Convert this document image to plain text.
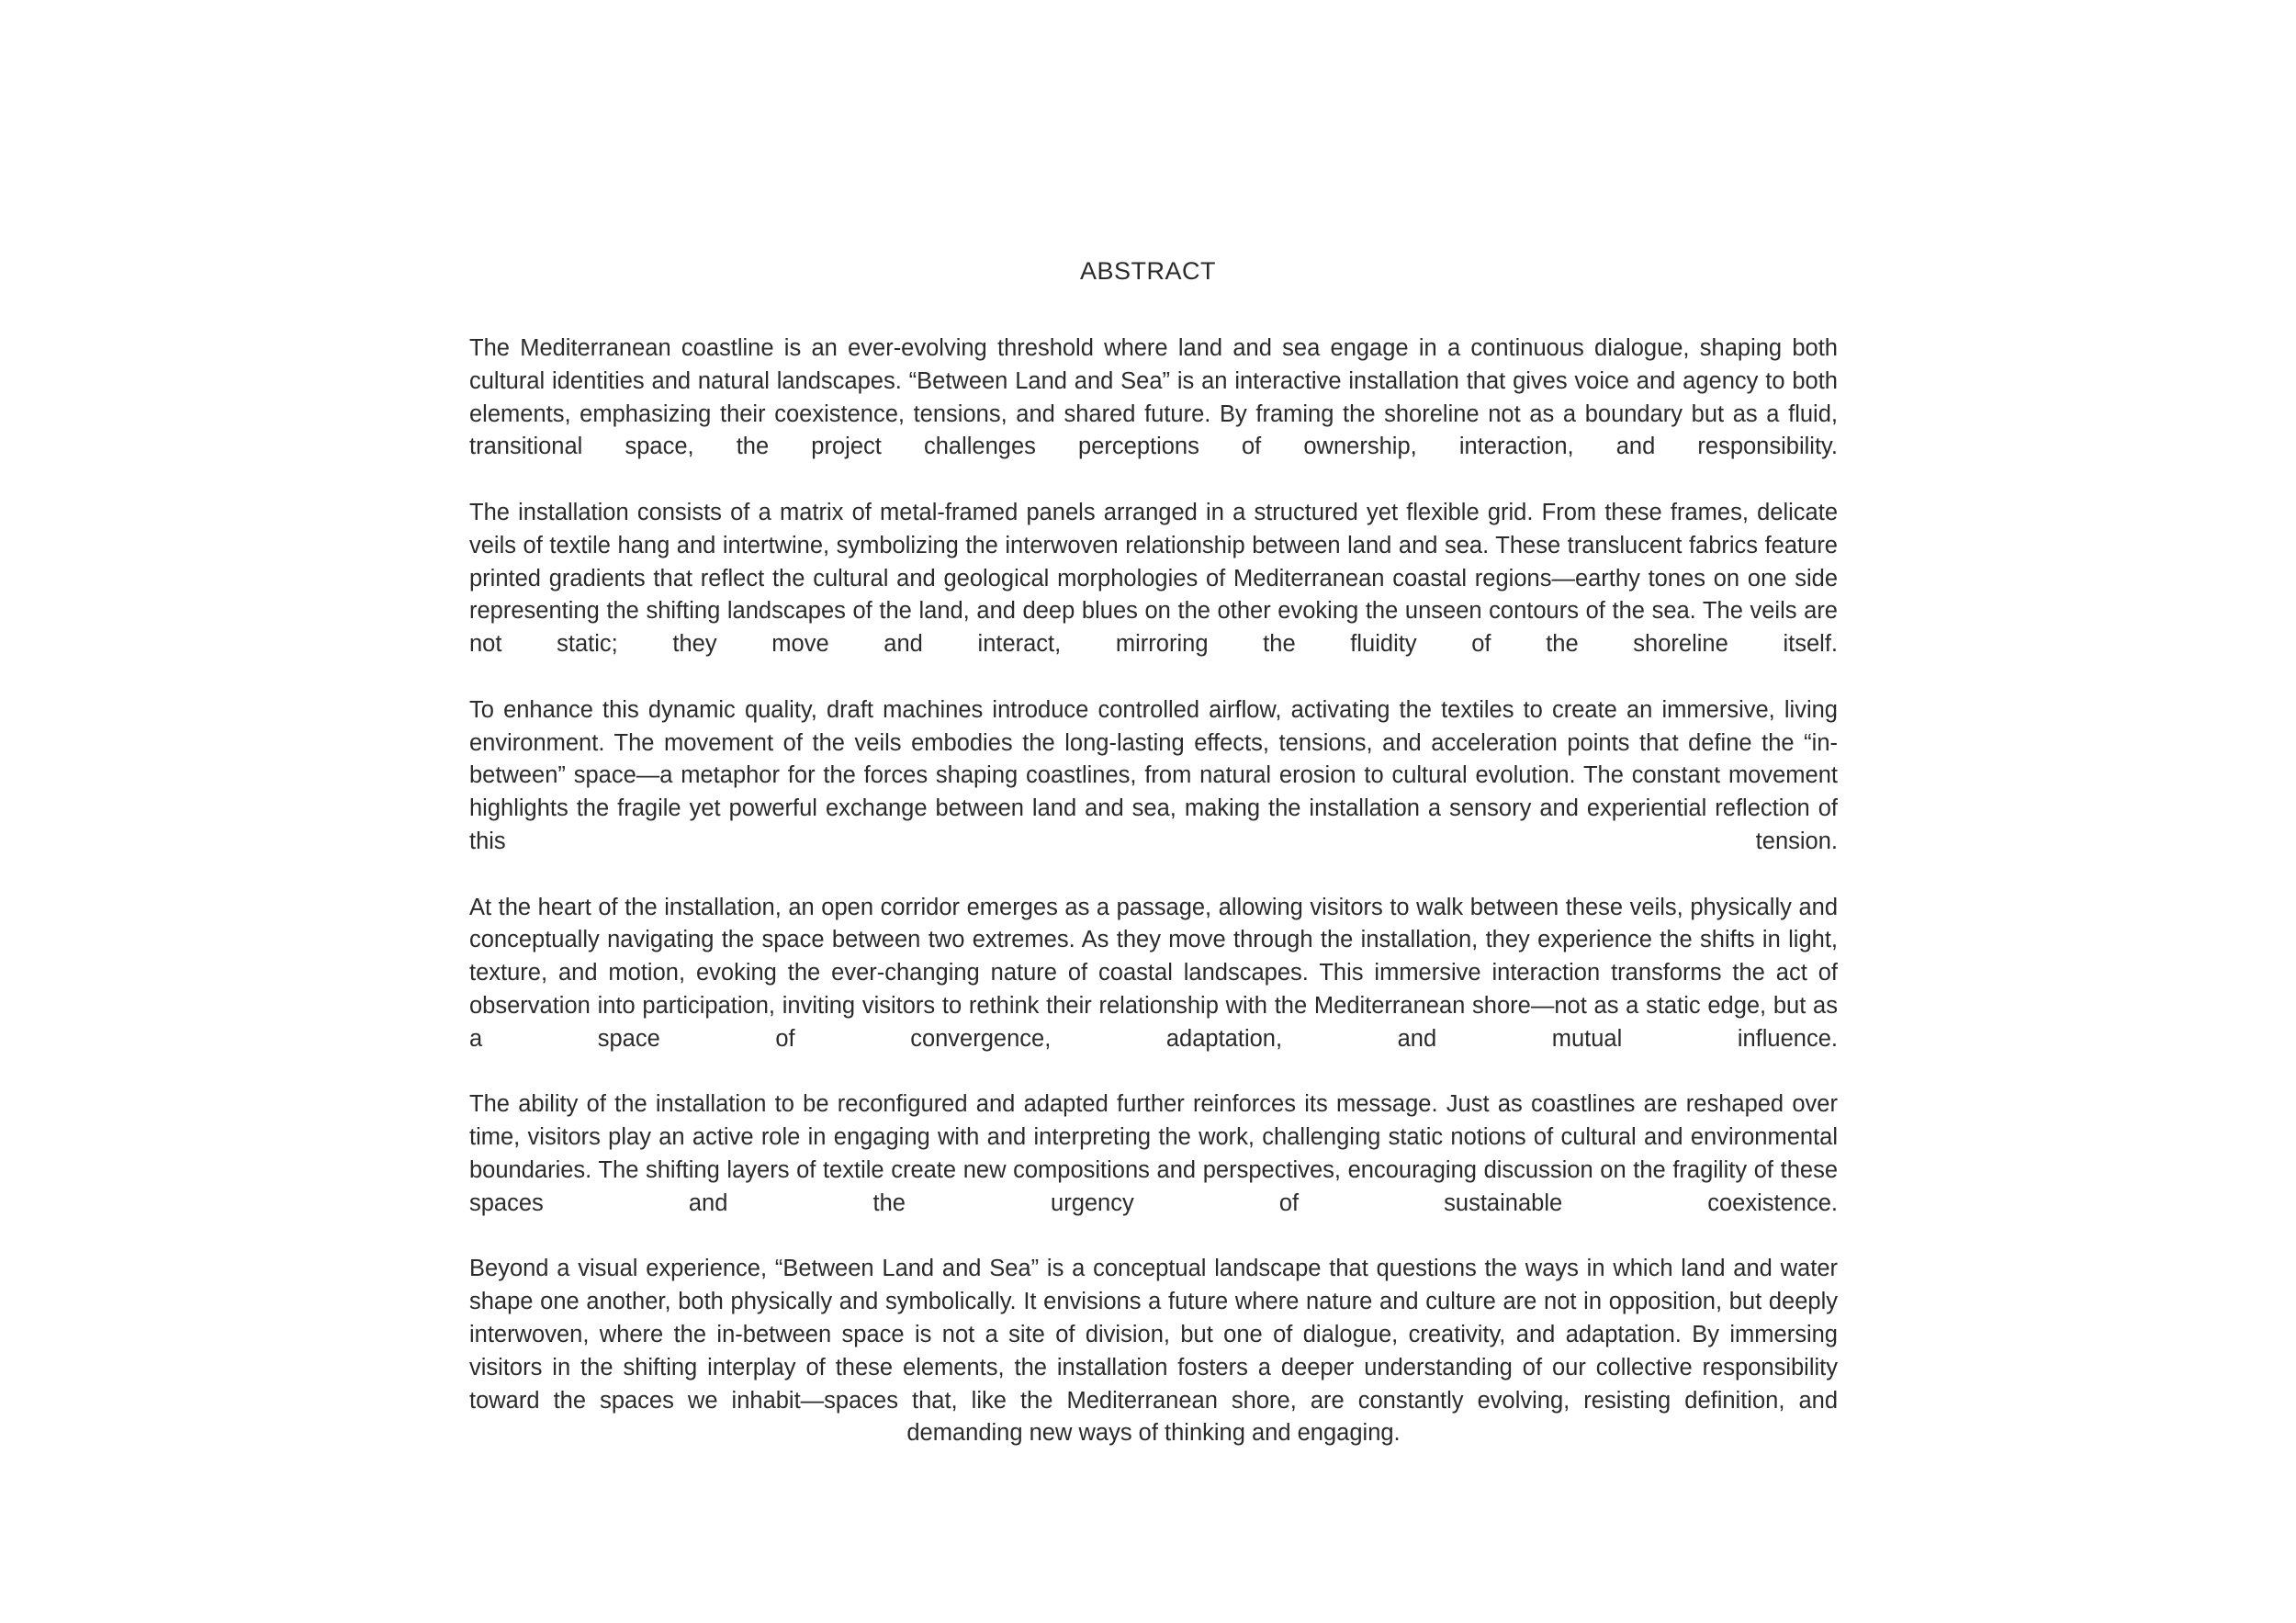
ABSTRACT

The Mediterranean coastline is an ever-evolving threshold where land and sea engage in a continuous dialogue, shaping both cultural identities and natural landscapes. “Between Land and Sea” is an interactive installation that gives voice and agency to both elements, emphasizing their coexistence, tensions, and shared future. By framing the shoreline not as a boundary but as a fluid, transitional space, the project challenges perceptions of ownership, interaction, and responsibility.

The installation consists of a matrix of metal-framed panels arranged in a structured yet flexible grid. From these frames, delicate veils of textile hang and intertwine, symbolizing the interwoven relationship between land and sea. These translucent fabrics feature printed gradients that reflect the cultural and geological morphologies of Mediterranean coastal regions—earthy tones on one side representing the shifting landscapes of the land, and deep blues on the other evoking the unseen contours of the sea. The veils are not static; they move and interact, mirroring the fluidity of the shoreline itself.

To enhance this dynamic quality, draft machines introduce controlled airflow, activating the textiles to create an immersive, living environment. The movement of the veils embodies the long-lasting effects, tensions, and acceleration points that define the “in-between” space—a metaphor for the forces shaping coastlines, from natural erosion to cultural evolution. The constant movement highlights the fragile yet powerful exchange between land and sea, making the installation a sensory and experiential reflection of this tension.

At the heart of the installation, an open corridor emerges as a passage, allowing visitors to walk between these veils, physically and conceptually navigating the space between two extremes. As they move through the installation, they experience the shifts in light, texture, and motion, evoking the ever-changing nature of coastal landscapes. This immersive interaction transforms the act of observation into participation, inviting visitors to rethink their relationship with the Mediterranean shore—not as a static edge, but as a space of convergence, adaptation, and mutual influence.

The ability of the installation to be reconfigured and adapted further reinforces its message. Just as coastlines are reshaped over time, visitors play an active role in engaging with and interpreting the work, challenging static notions of cultural and environmental boundaries. The shifting layers of textile create new compositions and perspectives, encouraging discussion on the fragility of these spaces and the urgency of sustainable coexistence.

Beyond a visual experience, “Between Land and Sea” is a conceptual landscape that questions the ways in which land and water shape one another, both physically and symbolically. It envisions a future where nature and culture are not in opposition, but deeply interwoven, where the in-between space is not a site of division, but one of dialogue, creativity, and adaptation. By immersing visitors in the shifting interplay of these elements, the installation fosters a deeper understanding of our collective responsibility toward the spaces we inhabit—spaces that, like the Mediterranean shore, are constantly evolving, resisting definition, and demanding new ways of thinking and engaging.
